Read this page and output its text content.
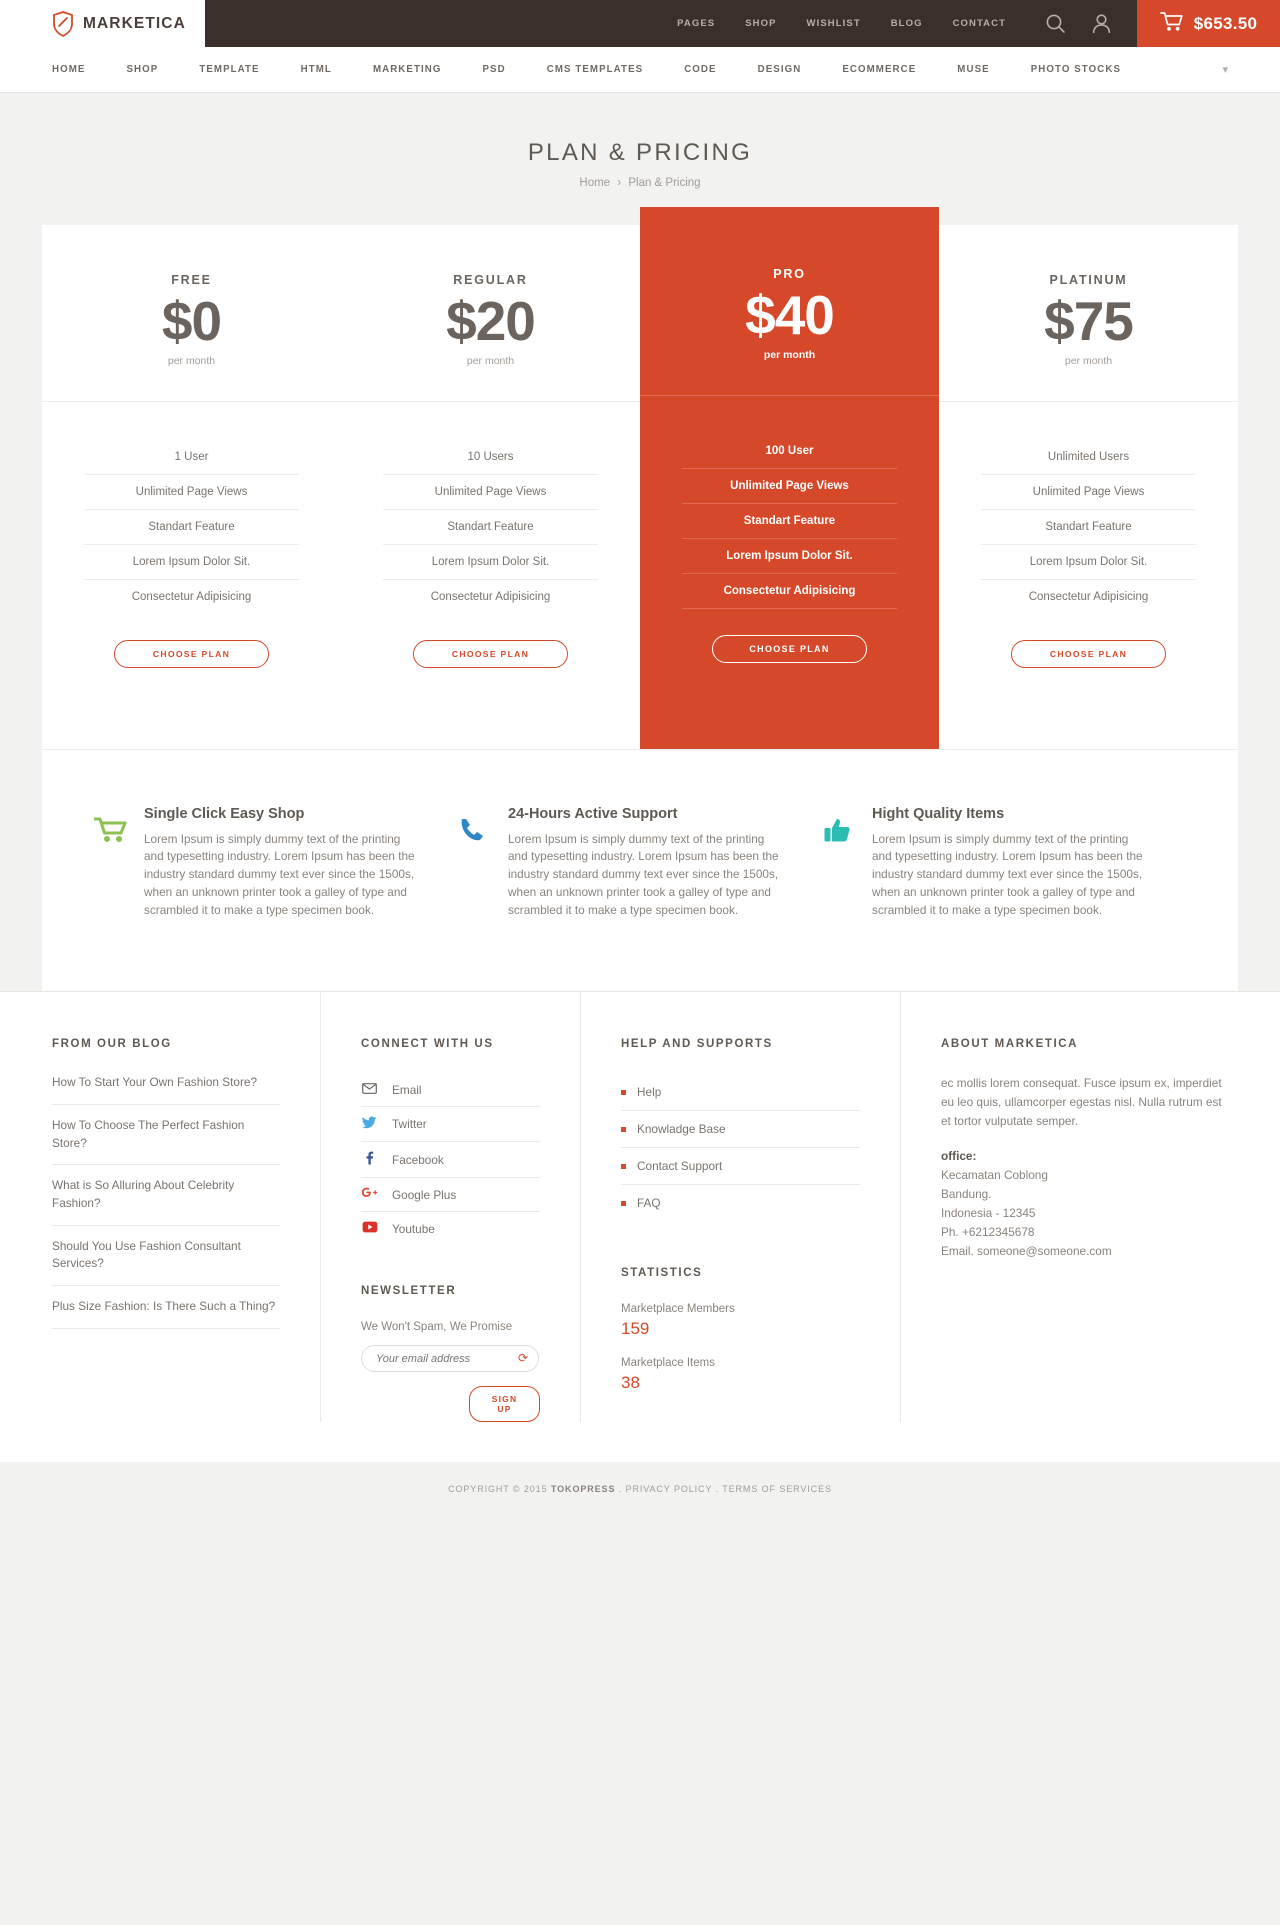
MARKETICA	PAGES	SHOP	WISHLIST	BLOG	CONTACT	$653.50
HOME	SHOP	TEMPLATE	HTML	MARKETING	PSD	CMS TEMPLATES	CODE	DESIGN	ECOMMERCE	MUSE	PHOTO STOCKS	▾
PLAN & PRICING
Home › Plan & Pricing
FREE
$0
per month
1 User
Unlimited Page Views
Standart Feature
Lorem Ipsum Dolor Sit.
Consectetur Adipisicing
CHOOSE PLAN
REGULAR
$20
per month
10 Users
Unlimited Page Views
Standart Feature
Lorem Ipsum Dolor Sit.
Consectetur Adipisicing
CHOOSE PLAN
PRO
$40
per month
100 User
Unlimited Page Views
Standart Feature
Lorem Ipsum Dolor Sit.
Consectetur Adipisicing
CHOOSE PLAN
PLATINUM
$75
per month
Unlimited Users
Unlimited Page Views
Standart Feature
Lorem Ipsum Dolor Sit.
Consectetur Adipisicing
CHOOSE PLAN
Single Click Easy Shop

Lorem Ipsum is simply dummy text of the printing and typesetting industry. Lorem Ipsum has been the industry standard dummy text ever since the 1500s, when an unknown printer took a galley of type and scrambled it to make a type specimen book.

24-Hours Active Support

Lorem Ipsum is simply dummy text of the printing and typesetting industry. Lorem Ipsum has been the industry standard dummy text ever since the 1500s, when an unknown printer took a galley of type and scrambled it to make a type specimen book.

Hight Quality Items

Lorem Ipsum is simply dummy text of the printing and typesetting industry. Lorem Ipsum has been the industry standard dummy text ever since the 1500s, when an unknown printer took a galley of type and scrambled it to make a type specimen book.

FROM OUR BLOG
How To Start Your Own Fashion Store?
How To Choose The Perfect Fashion Store?
What is So Alluring About Celebrity Fashion?
Should You Use Fashion Consultant Services?
Plus Size Fashion: Is There Such a Thing?
CONNECT WITH US
Email
Twitter
Facebook
Google Plus
Youtube
NEWSLETTER
We Won't Spam, We Promise
Your email address
⟳
SIGN UP
HELP AND SUPPORTS
Help
Knowladge Base
Contact Support
FAQ
STATISTICS
Marketplace Members
159
Marketplace Items
38
ABOUT MARKETICA

ec mollis lorem consequat. Fusce ipsum ex, imperdiet eu leo quis, ullamcorper egestas nisl. Nulla rutrum est et tortor vulputate semper.

office:
Kecamatan Coblong
Bandung.
Indonesia - 12345
Ph. +6212345678
Email. someone@someone.com
COPYRIGHT © 2015 TOKOPRESS . PRIVACY POLICY . TERMS OF SERVICES
